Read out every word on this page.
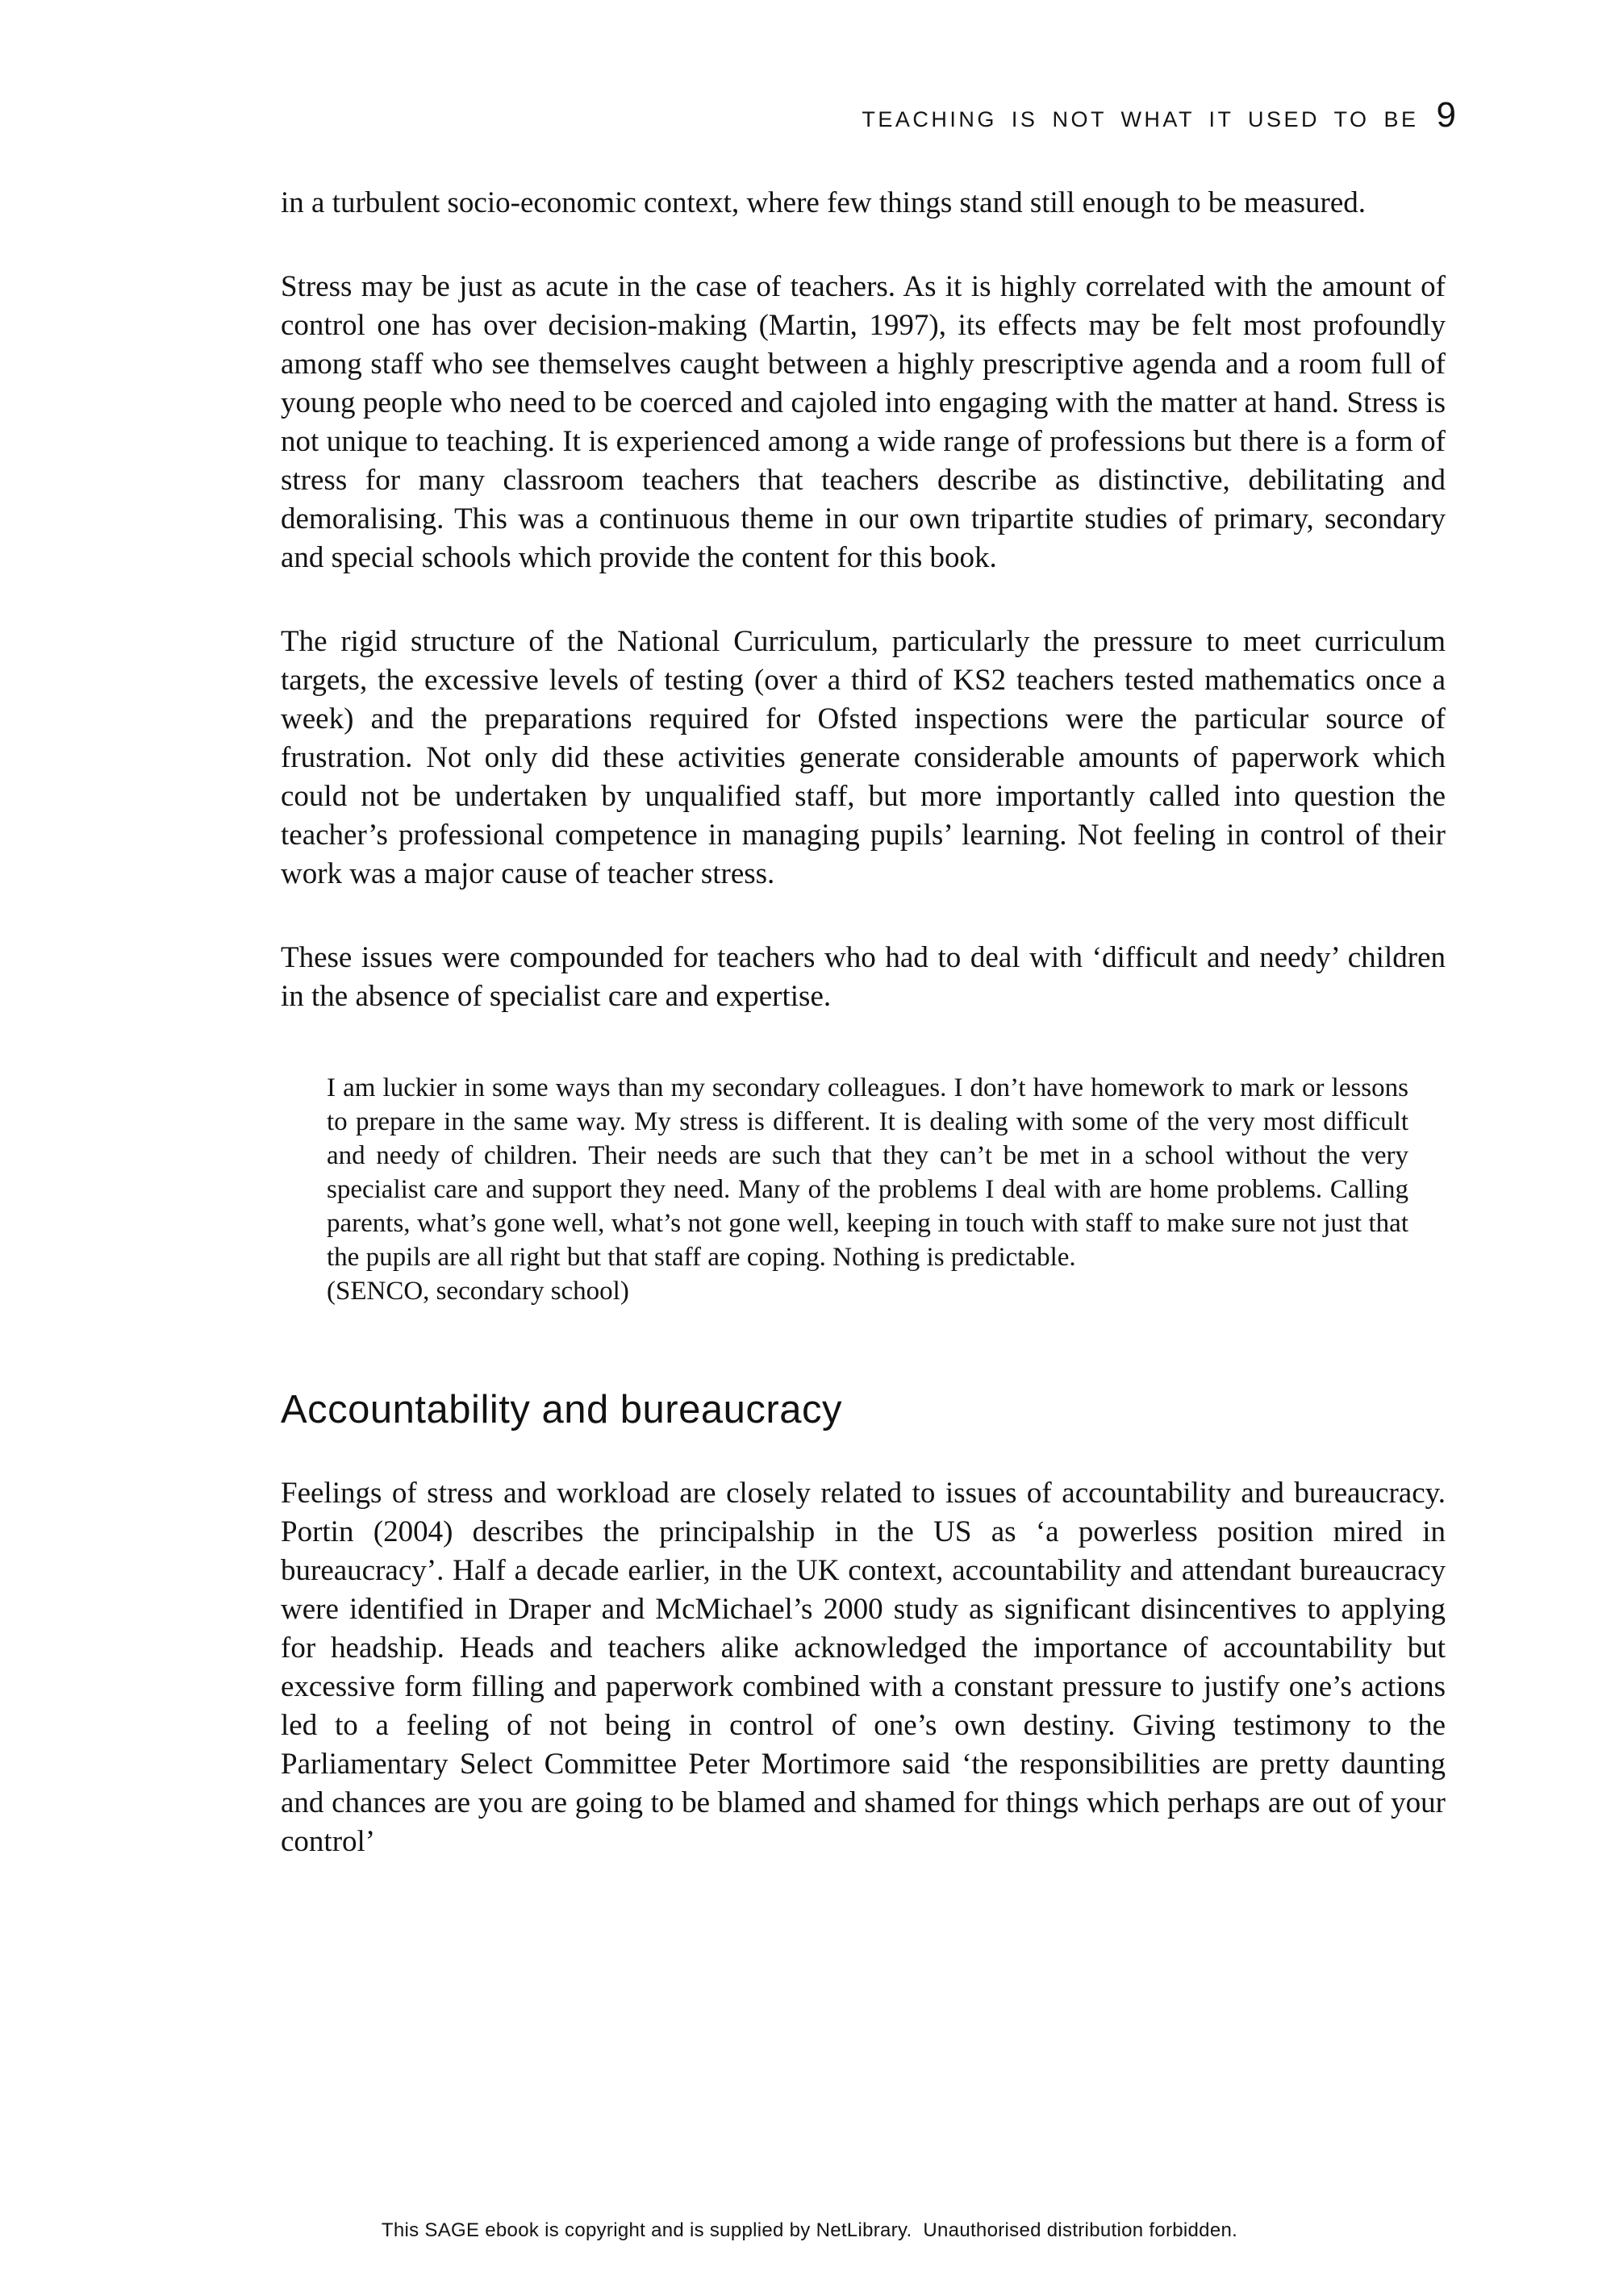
TEACHING IS NOT WHAT IT USED TO BE 9

in a turbulent socio-economic context, where few things stand still enough to be measured.

Stress may be just as acute in the case of teachers. As it is highly correlated with the amount of control one has over decision-making (Martin, 1997), its effects may be felt most profoundly among staff who see themselves caught between a highly prescriptive agenda and a room full of young people who need to be coerced and cajoled into engaging with the matter at hand. Stress is not unique to teaching. It is experienced among a wide range of professions but there is a form of stress for many classroom teachers that teachers describe as distinctive, debilitating and demoralising. This was a continuous theme in our own tripartite studies of primary, secondary and special schools which provide the content for this book.

The rigid structure of the National Curriculum, particularly the pressure to meet curriculum targets, the excessive levels of testing (over a third of KS2 teachers tested mathematics once a week) and the preparations required for Ofsted inspections were the particular source of frustration. Not only did these activities generate considerable amounts of paperwork which could not be undertaken by unqualified staff, but more importantly called into question the teacher’s professional competence in managing pupils’ learning. Not feeling in control of their work was a major cause of teacher stress.

These issues were compounded for teachers who had to deal with ‘difficult and needy’ children in the absence of specialist care and expertise.

I am luckier in some ways than my secondary colleagues. I don’t have homework to mark or lessons to prepare in the same way. My stress is different. It is dealing with some of the very most difficult and needy of children. Their needs are such that they can’t be met in a school without the very specialist care and support they need. Many of the problems I deal with are home problems. Calling parents, what’s gone well, what’s not gone well, keeping in touch with staff to make sure not just that the pupils are all right but that staff are coping. Nothing is predictable.
(SENCO, secondary school)
Accountability and bureaucracy

Feelings of stress and workload are closely related to issues of accountability and bureaucracy. Portin (2004) describes the principalship in the US as ‘a powerless position mired in bureaucracy’. Half a decade earlier, in the UK context, accountability and attendant bureaucracy were identified in Draper and McMichael’s 2000 study as significant disincentives to applying for headship. Heads and teachers alike acknowledged the importance of accountability but excessive form filling and paperwork combined with a constant pressure to justify one’s actions led to a feeling of not being in control of one’s own destiny. Giving testimony to the Parliamentary Select Committee Peter Mortimore said ‘the responsibilities are pretty daunting and chances are you are going to be blamed and shamed for things which perhaps are out of your control’

This SAGE ebook is copyright and is supplied by NetLibrary.  Unauthorised distribution forbidden.
